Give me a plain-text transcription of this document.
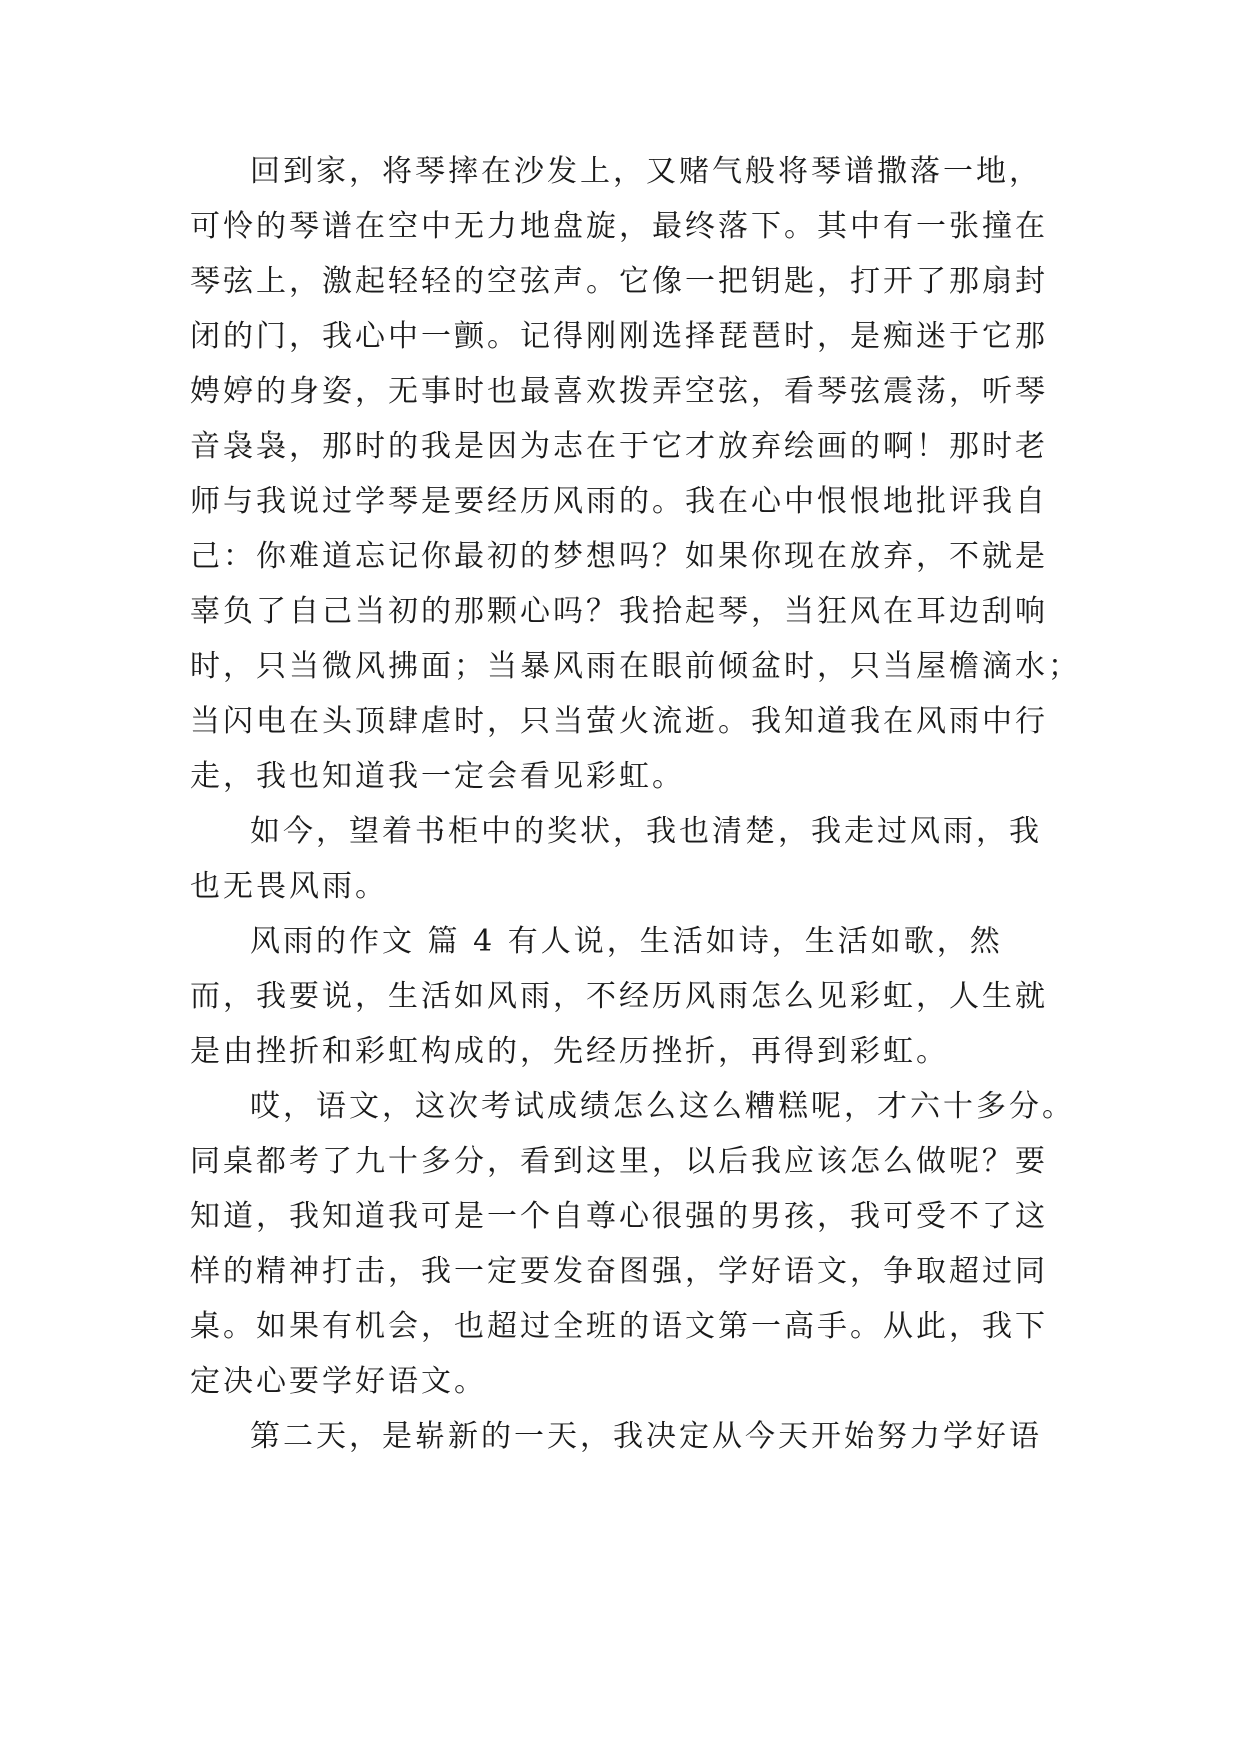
回到家，将琴摔在沙发上，又赌气般将琴谱撒落一地，
可怜的琴谱在空中无力地盘旋，最终落下。其中有一张撞在
琴弦上，激起轻轻的空弦声。它像一把钥匙，打开了那扇封
闭的门，我心中一颤。记得刚刚选择琵琶时，是痴迷于它那
娉婷的身姿，无事时也最喜欢拨弄空弦，看琴弦震荡，听琴
音袅袅，那时的我是因为志在于它才放弃绘画的啊！那时老
师与我说过学琴是要经历风雨的。我在心中恨恨地批评我自
己：你难道忘记你最初的梦想吗？如果你现在放弃，不就是
辜负了自己当初的那颗心吗？我拾起琴，当狂风在耳边刮响
时，只当微风拂面；当暴风雨在眼前倾盆时，只当屋檐滴水；
当闪电在头顶肆虐时，只当萤火流逝。我知道我在风雨中行
走，我也知道我一定会看见彩虹。
如今，望着书柜中的奖状，我也清楚，我走过风雨，我
也无畏风雨。
风雨的作文 篇 4 有人说，生活如诗，生活如歌，然
而，我要说，生活如风雨，不经历风雨怎么见彩虹，人生就
是由挫折和彩虹构成的，先经历挫折，再得到彩虹。
哎，语文，这次考试成绩怎么这么糟糕呢，才六十多分。
同桌都考了九十多分，看到这里，以后我应该怎么做呢？要
知道，我知道我可是一个自尊心很强的男孩，我可受不了这
样的精神打击，我一定要发奋图强，学好语文，争取超过同
桌。如果有机会，也超过全班的语文第一高手。从此，我下
定决心要学好语文。
第二天，是崭新的一天，我决定从今天开始努力学好语
